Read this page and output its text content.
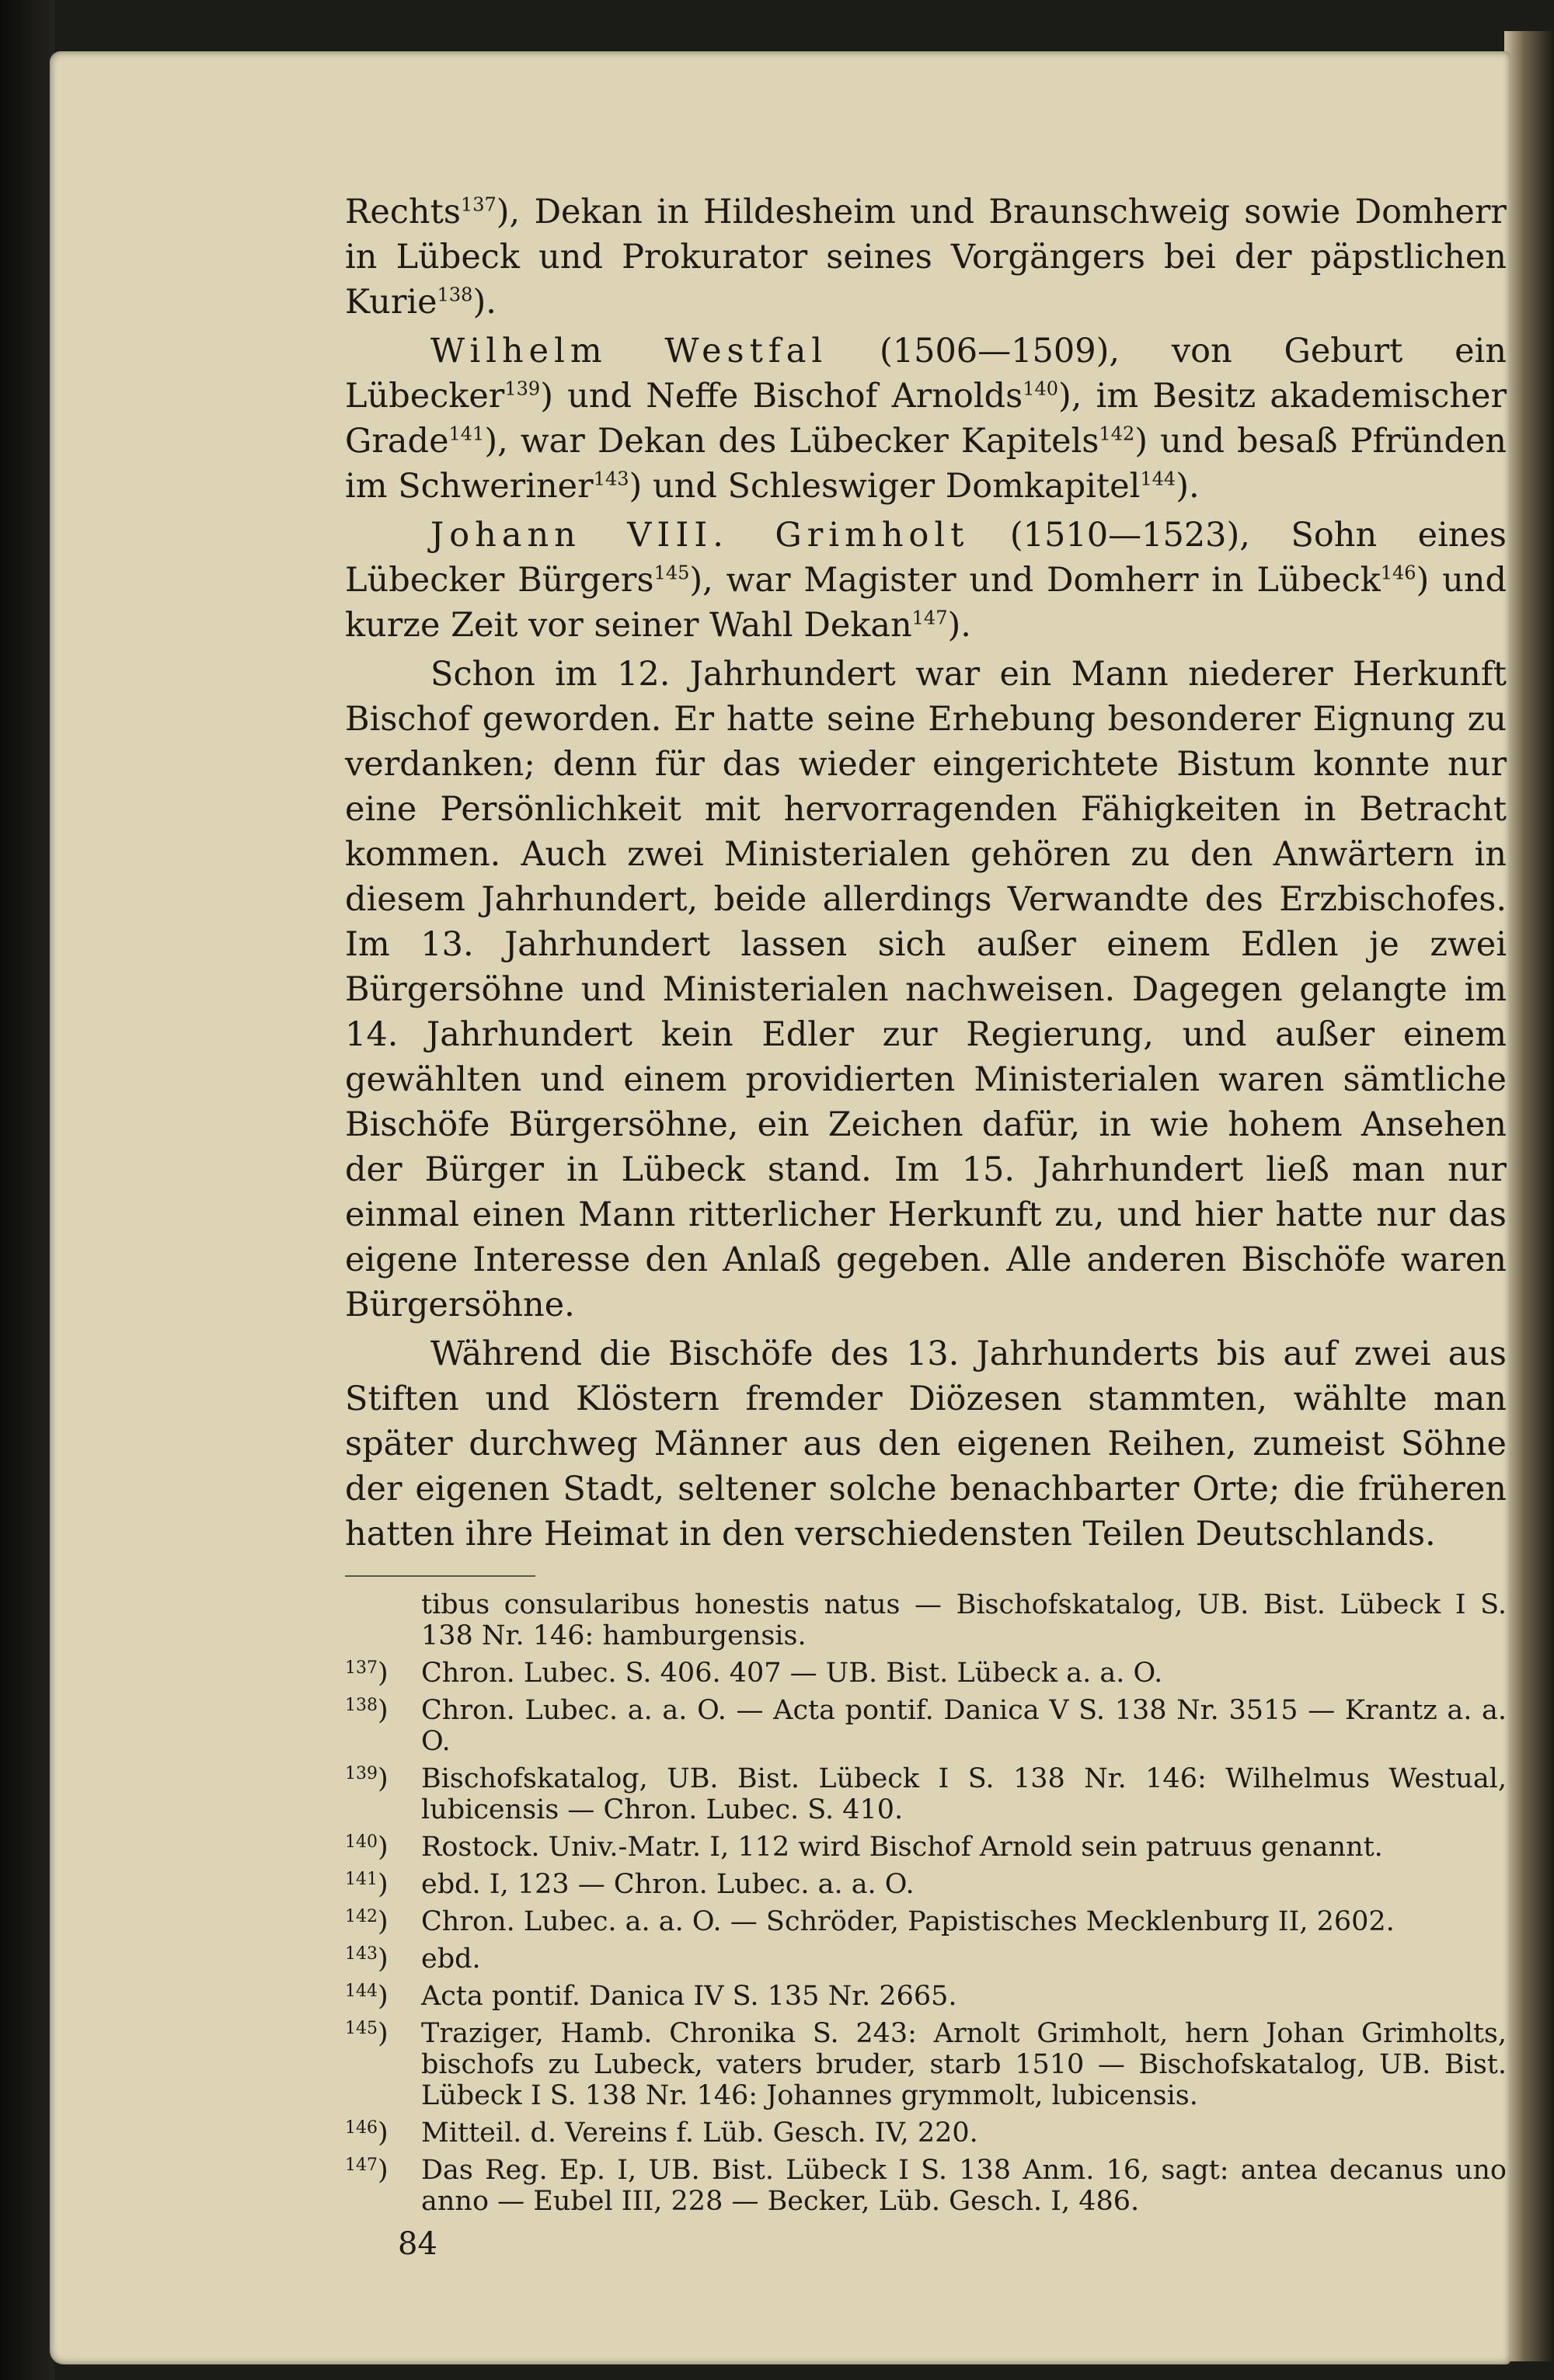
Rechts$^{137}$), Dekan in Hildesheim und Braunschweig sowie Domherr in Lübeck und Prokurator seines Vorgängers bei der päpstlichen Kurie$^{138}$).

Wilhelm Westfal (1506—1509), von Geburt ein Lübecker$^{139}$) und Neffe Bischof Arnolds$^{140}$), im Besitz akademischer Grade$^{141}$), war Dekan des Lübecker Kapitels$^{142}$) und besaß Pfründen im Schweriner$^{143}$) und Schleswiger Domkapitel$^{144}$).

Johann VIII. Grimholt (1510—1523), Sohn eines Lübecker Bürgers$^{145}$), war Magister und Domherr in Lübeck$^{146}$) und kurze Zeit vor seiner Wahl Dekan$^{147}$).

Schon im 12. Jahrhundert war ein Mann niederer Herkunft Bischof geworden. Er hatte seine Erhebung besonderer Eignung zu verdanken; denn für das wieder eingerichtete Bistum konnte nur eine Persönlichkeit mit hervorragenden Fähigkeiten in Betracht kommen. Auch zwei Ministerialen gehören zu den Anwärtern in diesem Jahrhundert, beide allerdings Verwandte des Erzbischofes. Im 13. Jahrhundert lassen sich außer einem Edlen je zwei Bürgersöhne und Ministerialen nachweisen. Dagegen gelangte im 14. Jahrhundert kein Edler zur Regierung, und außer einem gewählten und einem providierten Ministerialen waren sämtliche Bischöfe Bürgersöhne, ein Zeichen dafür, in wie hohem Ansehen der Bürger in Lübeck stand. Im 15. Jahrhundert ließ man nur einmal einen Mann ritterlicher Herkunft zu, und hier hatte nur das eigene Interesse den Anlaß gegeben. Alle anderen Bischöfe waren Bürgersöhne.

Während die Bischöfe des 13. Jahrhunderts bis auf zwei aus Stiften und Klöstern fremder Diözesen stammten, wählte man später durchweg Männer aus den eigenen Reihen, zumeist Söhne der eigenen Stadt, seltener solche benachbarter Orte; die früheren hatten ihre Heimat in den verschiedensten Teilen Deutschlands.

tibus consularibus honestis natus — Bischofskatalog, UB. Bist. Lübeck I S. 138 Nr. 146: hamburgensis.
$^{137}$)	Chron. Lubec. S. 406. 407 — UB. Bist. Lübeck a. a. O.
$^{138}$)	Chron. Lubec. a. a. O. — Acta pontif. Danica V S. 138 Nr. 3515 — Krantz a. a. O.
$^{139}$)	Bischofskatalog, UB. Bist. Lübeck I S. 138 Nr. 146: Wilhelmus Westual, lubicensis — Chron. Lubec. S. 410.
$^{140}$)	Rostock. Univ.-Matr. I, 112 wird Bischof Arnold sein patruus genannt.
$^{141}$)	ebd. I, 123 — Chron. Lubec. a. a. O.
$^{142}$)	Chron. Lubec. a. a. O. — Schröder, Papistisches Mecklenburg II, 2602.
$^{143}$)	ebd.
$^{144}$)	Acta pontif. Danica IV S. 135 Nr. 2665.
$^{145}$)	Traziger, Hamb. Chronika S. 243: Arnolt Grimholt, hern Johan Grimholts, bischofs zu Lubeck, vaters bruder, starb 1510 — Bischofskatalog, UB. Bist. Lübeck I S. 138 Nr. 146: Johannes grymmolt, lubicensis.
$^{146}$)	Mitteil. d. Vereins f. Lüb. Gesch. IV, 220.
$^{147}$)	Das Reg. Ep. I, UB. Bist. Lübeck I S. 138 Anm. 16, sagt: antea decanus uno anno — Eubel III, 228 — Becker, Lüb. Gesch. I, 486.
84
